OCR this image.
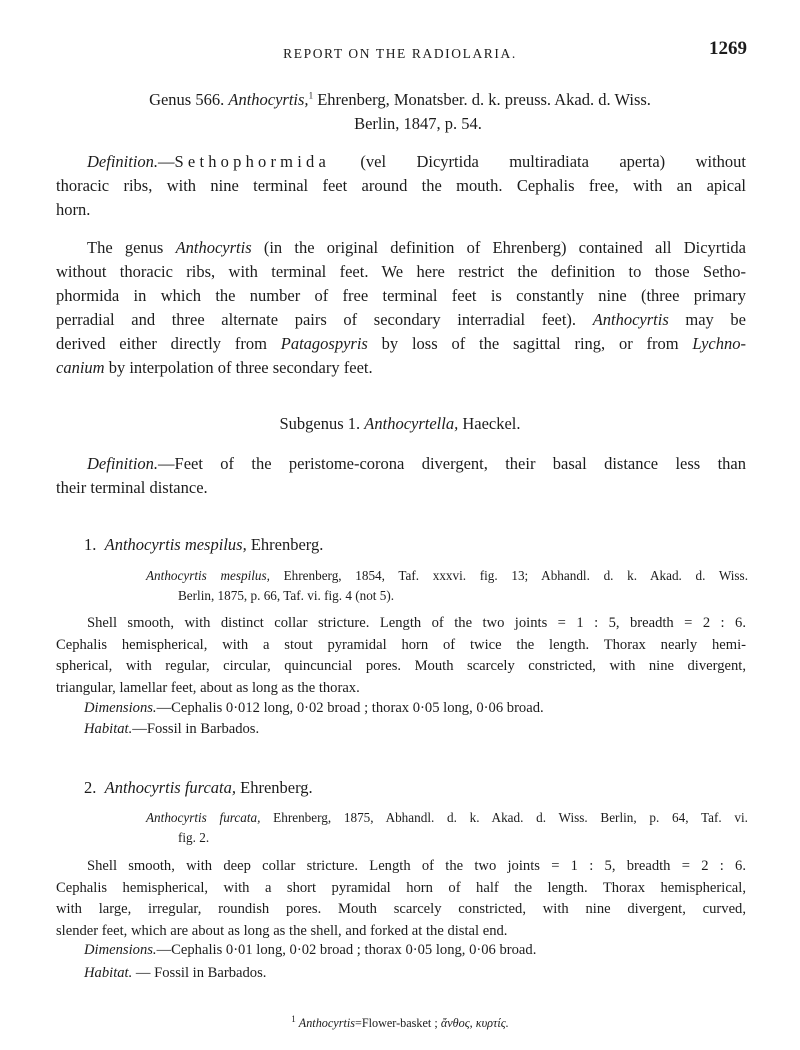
REPORT ON THE RADIOLARIA.	1269
Genus 566. Anthocyrtis,$^1$ Ehrenberg, Monatsber. d. k. preuss. Akad. d. Wiss.
Berlin, 1847, p. 54.
Definition.—Sethophormida (vel Dicyrtida multiradiata aperta) without
thoracic ribs, with nine terminal feet around the mouth. Cephalis free, with an apical
horn.
The genus Anthocyrtis (in the original definition of Ehrenberg) contained all Dicyrtida
without thoracic ribs, with terminal feet. We here restrict the definition to those Setho-
phormida in which the number of free terminal feet is constantly nine (three primary
perradial and three alternate pairs of secondary interradial feet). Anthocyrtis may be
derived either directly from Patagospyris by loss of the sagittal ring, or from Lychno-
canium by interpolation of three secondary feet.
Subgenus 1. Anthocyrtella, Haeckel.
Definition.—Feet of the peristome-corona divergent, their basal distance less than
their terminal distance.
1. Anthocyrtis mespilus, Ehrenberg.
Anthocyrtis mespilus, Ehrenberg, 1854, Taf. xxxvi. fig. 13; Abhandl. d. k. Akad. d. Wiss.
Berlin, 1875, p. 66, Taf. vi. fig. 4 (not 5).
Shell smooth, with distinct collar stricture. Length of the two joints = 1 : 5, breadth = 2 : 6.
Cephalis hemispherical, with a stout pyramidal horn of twice the length. Thorax nearly hemi-
spherical, with regular, circular, quincuncial pores. Mouth scarcely constricted, with nine divergent,
triangular, lamellar feet, about as long as the thorax.
Dimensions.—Cephalis 0·012 long, 0·02 broad ; thorax 0·05 long, 0·06 broad.
Habitat.—Fossil in Barbados.
2. Anthocyrtis furcata, Ehrenberg.
Anthocyrtis furcata, Ehrenberg, 1875, Abhandl. d. k. Akad. d. Wiss. Berlin, p. 64, Taf. vi.
fig. 2.
Shell smooth, with deep collar stricture. Length of the two joints = 1 : 5, breadth = 2 : 6.
Cephalis hemispherical, with a short pyramidal horn of half the length. Thorax hemispherical,
with large, irregular, roundish pores. Mouth scarcely constricted, with nine divergent, curved,
slender feet, which are about as long as the shell, and forked at the distal end.
Dimensions.—Cephalis 0·01 long, 0·02 broad ; thorax 0·05 long, 0·06 broad.
Habitat. — Fossil in Barbados.
$^1$ Anthocyrtis=Flower-basket ; ἄνθος, κυρτίς.
